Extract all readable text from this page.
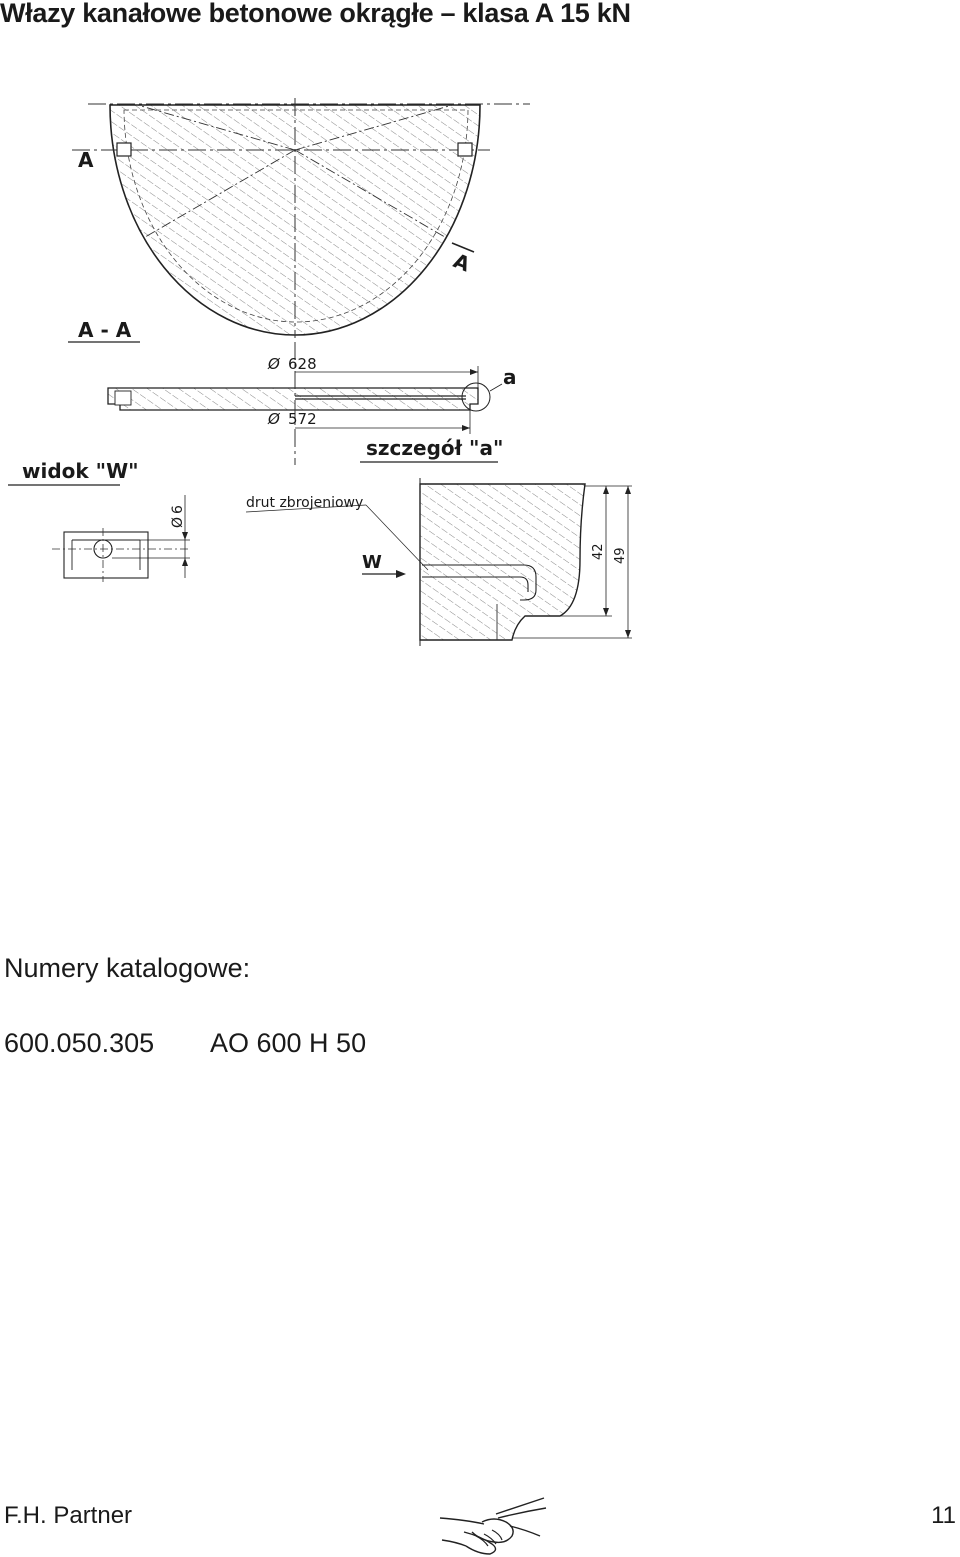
Włazy kanałowe betonowe okrągłe – klasa A 15 kN
A
A
A - A
Ø 628
Ø 572
a
szczegół "a"
42 49
drut zbrojeniowy
W
widok "W"
Ø
6
Numery katalogowe:
600.050.305 AO 600 H 50
F.H. Partner	11
